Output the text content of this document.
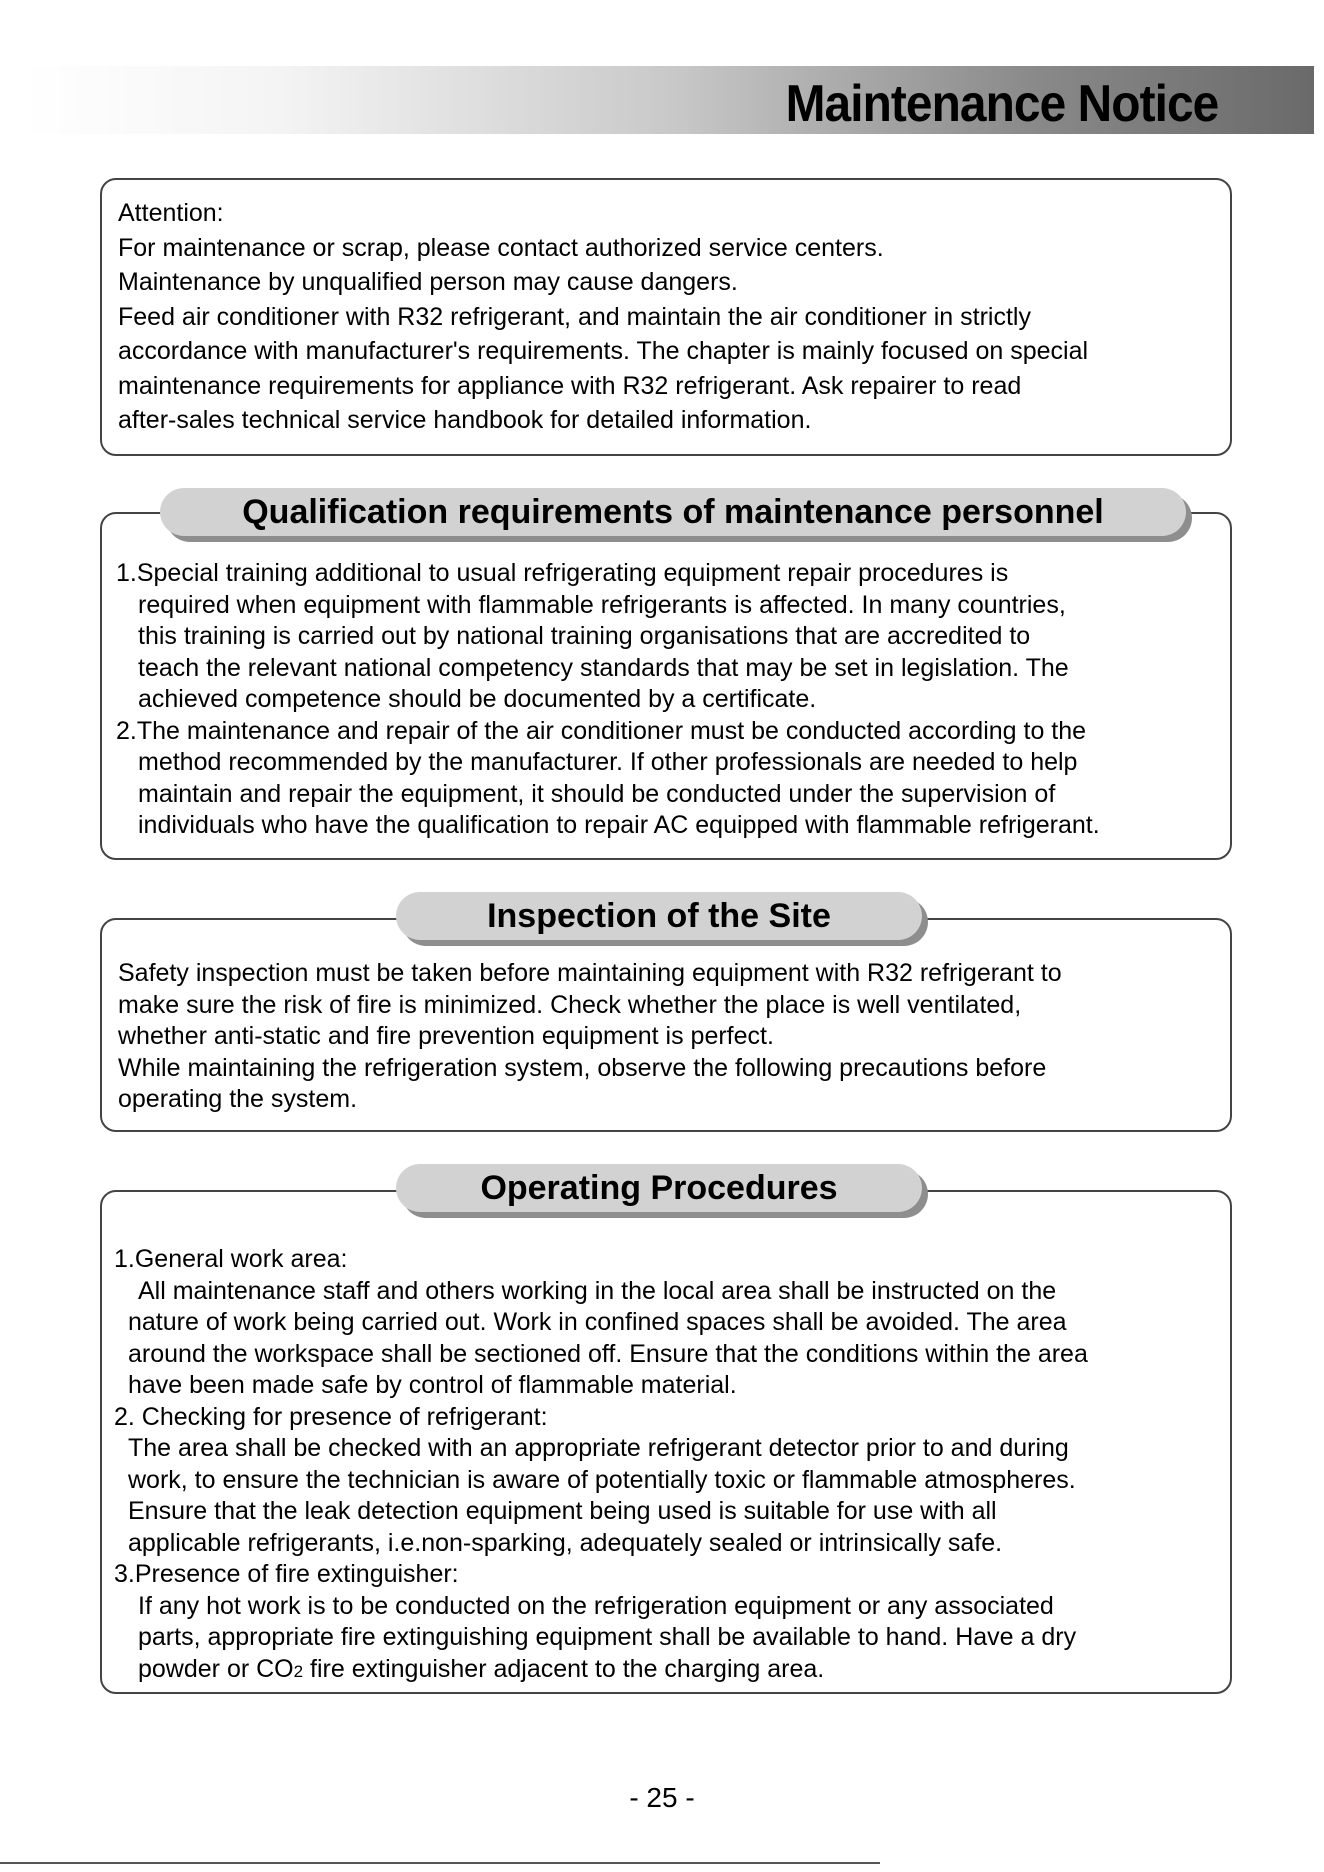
Maintenance Notice
Attention:
For maintenance or scrap, please contact authorized service centers.
Maintenance by unqualified person may cause dangers.
Feed air conditioner with R32 refrigerant, and maintain the air conditioner in strictly
accordance with manufacturer's requirements. The chapter is mainly focused on special
maintenance requirements for appliance with R32 refrigerant. Ask repairer to read
after-sales technical service handbook for detailed information.
1.Special training additional to usual refrigerating equipment repair procedures is
required when equipment with flammable refrigerants is affected. In many countries,
this training is carried out by national training organisations that are accredited to
teach the relevant national competency standards that may be set in legislation. The
achieved competence should be documented by a certificate.
2.The maintenance and repair of the air conditioner must be conducted according to the
method recommended by the manufacturer. If other professionals are needed to help
maintain and repair the equipment, it should be conducted under the supervision of
individuals who have the qualification to repair AC equipped with flammable refrigerant.
Qualification requirements of maintenance personnel
Safety inspection must be taken before maintaining equipment with R32 refrigerant to
make sure the risk of fire is minimized. Check whether the place is well ventilated,
whether anti-static and fire prevention equipment is perfect.
While maintaining the refrigeration system, observe the following precautions before
operating the system.
Inspection of the Site
1.General work area:
All maintenance staff and others working in the local area shall be instructed on the
nature of work being carried out. Work in confined spaces shall be avoided. The area
around the workspace shall be sectioned off. Ensure that the conditions within the area
have been made safe by control of flammable material.
2. Checking for presence of refrigerant:
The area shall be checked with an appropriate refrigerant detector prior to and during
work, to ensure the technician is aware of potentially toxic or flammable atmospheres.
Ensure that the leak detection equipment being used is suitable for use with all
applicable refrigerants, i.e.non-sparking, adequately sealed or intrinsically safe.
3.Presence of fire extinguisher:
If any hot work is to be conducted on the refrigeration equipment or any associated
parts, appropriate fire extinguishing equipment shall be available to hand. Have a dry
powder or CO2 fire extinguisher adjacent to the charging area.
Operating Procedures
- 25 -
